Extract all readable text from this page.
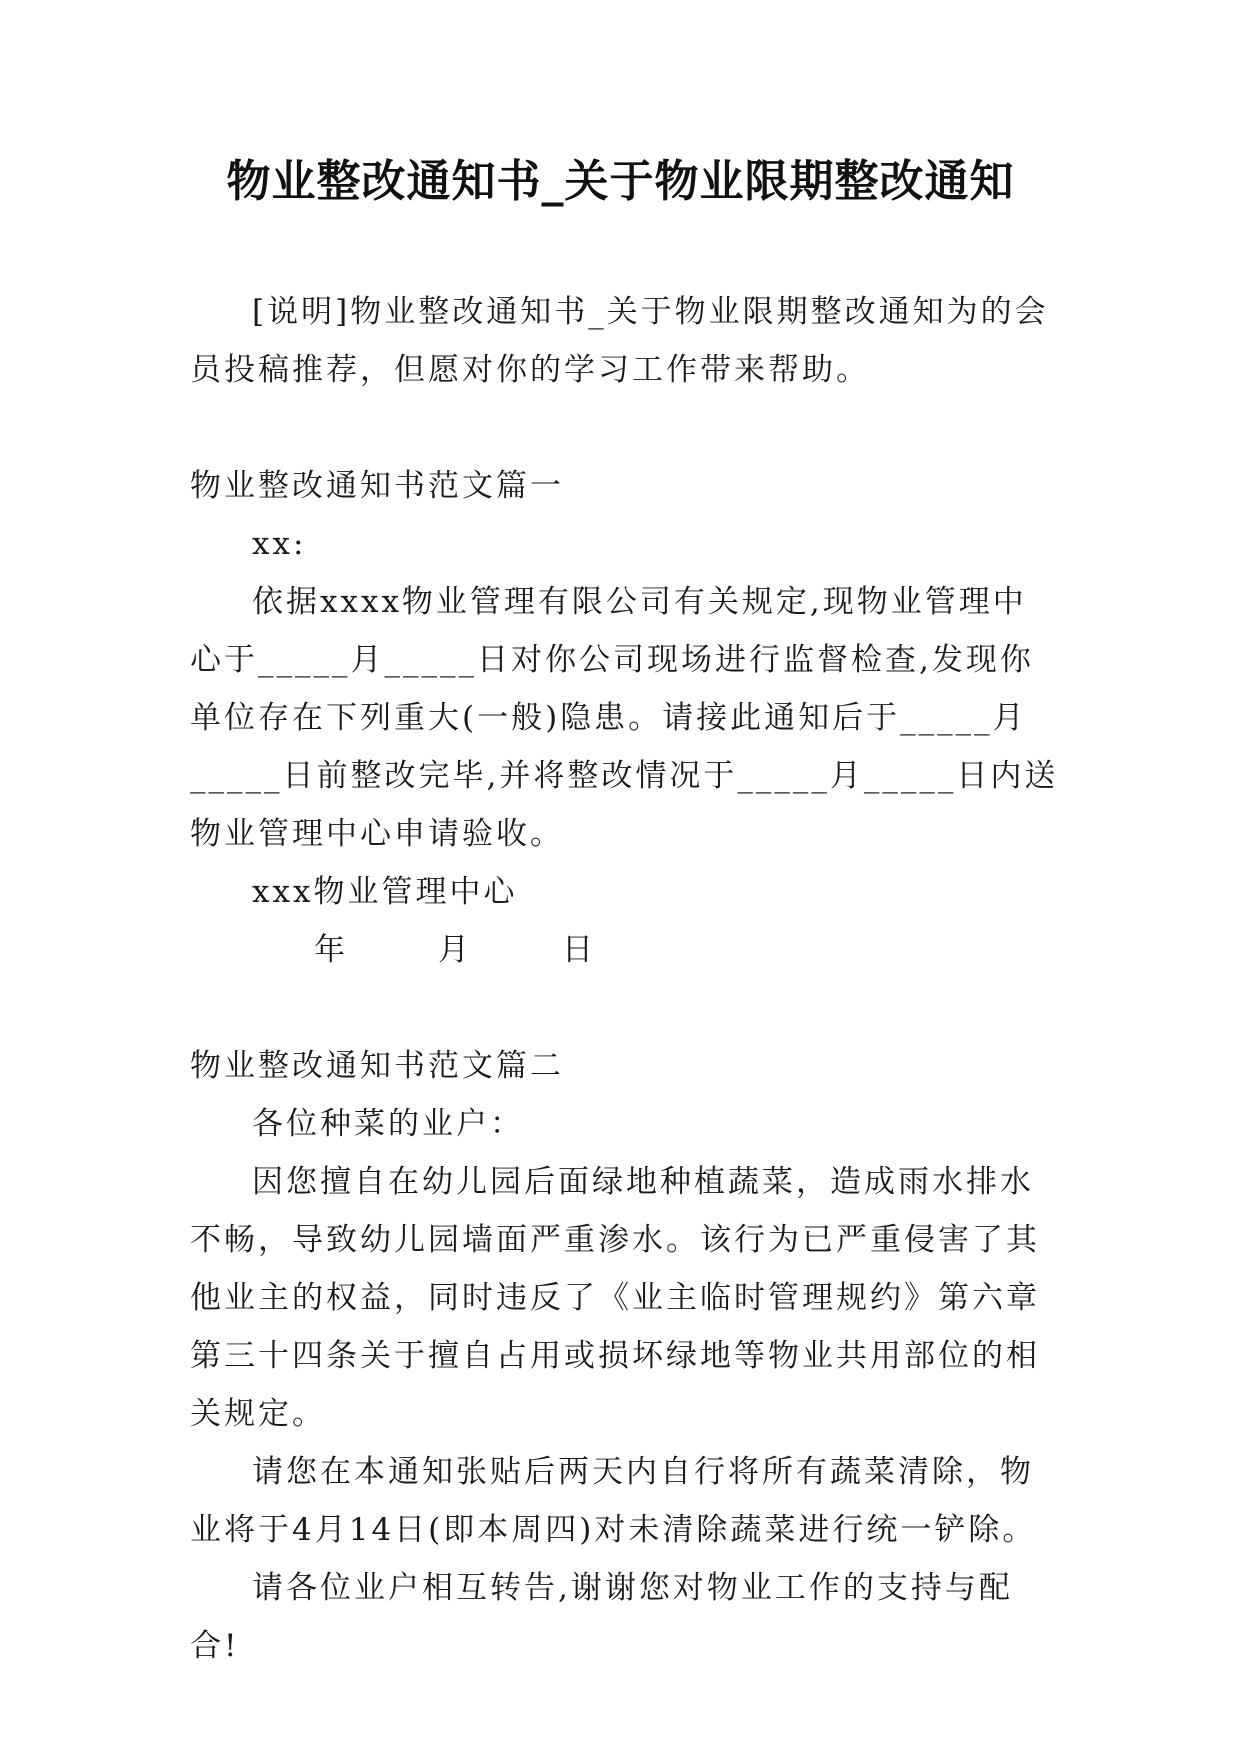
物业整改通知书_关于物业限期整改通知

[说明]物业整改通知书_关于物业限期整改通知为的会员投稿推荐，但愿对你的学习工作带来帮助。

物业整改通知书范文篇一

xx:

依据xxxx物业管理有限公司有关规定,现物业管理中心于_____月_____日对你公司现场进行监督检查,发现你单位存在下列重大(一般)隐患。请接此通知后于_____月_____日前整改完毕,并将整改情况于_____月_____日内送物业管理中心申请验收。

xxx物业管理中心

年	月	日

物业整改通知书范文篇二

各位种菜的业户：

因您擅自在幼儿园后面绿地种植蔬菜，造成雨水排水不畅，导致幼儿园墙面严重渗水。该行为已严重侵害了其他业主的权益，同时违反了《业主临时管理规约》第六章第三十四条关于擅自占用或损坏绿地等物业共用部位的相关规定。

请您在本通知张贴后两天内自行将所有蔬菜清除，物业将于4月14日(即本周四)对未清除蔬菜进行统一铲除。

请各位业户相互转告,谢谢您对物业工作的支持与配合!
